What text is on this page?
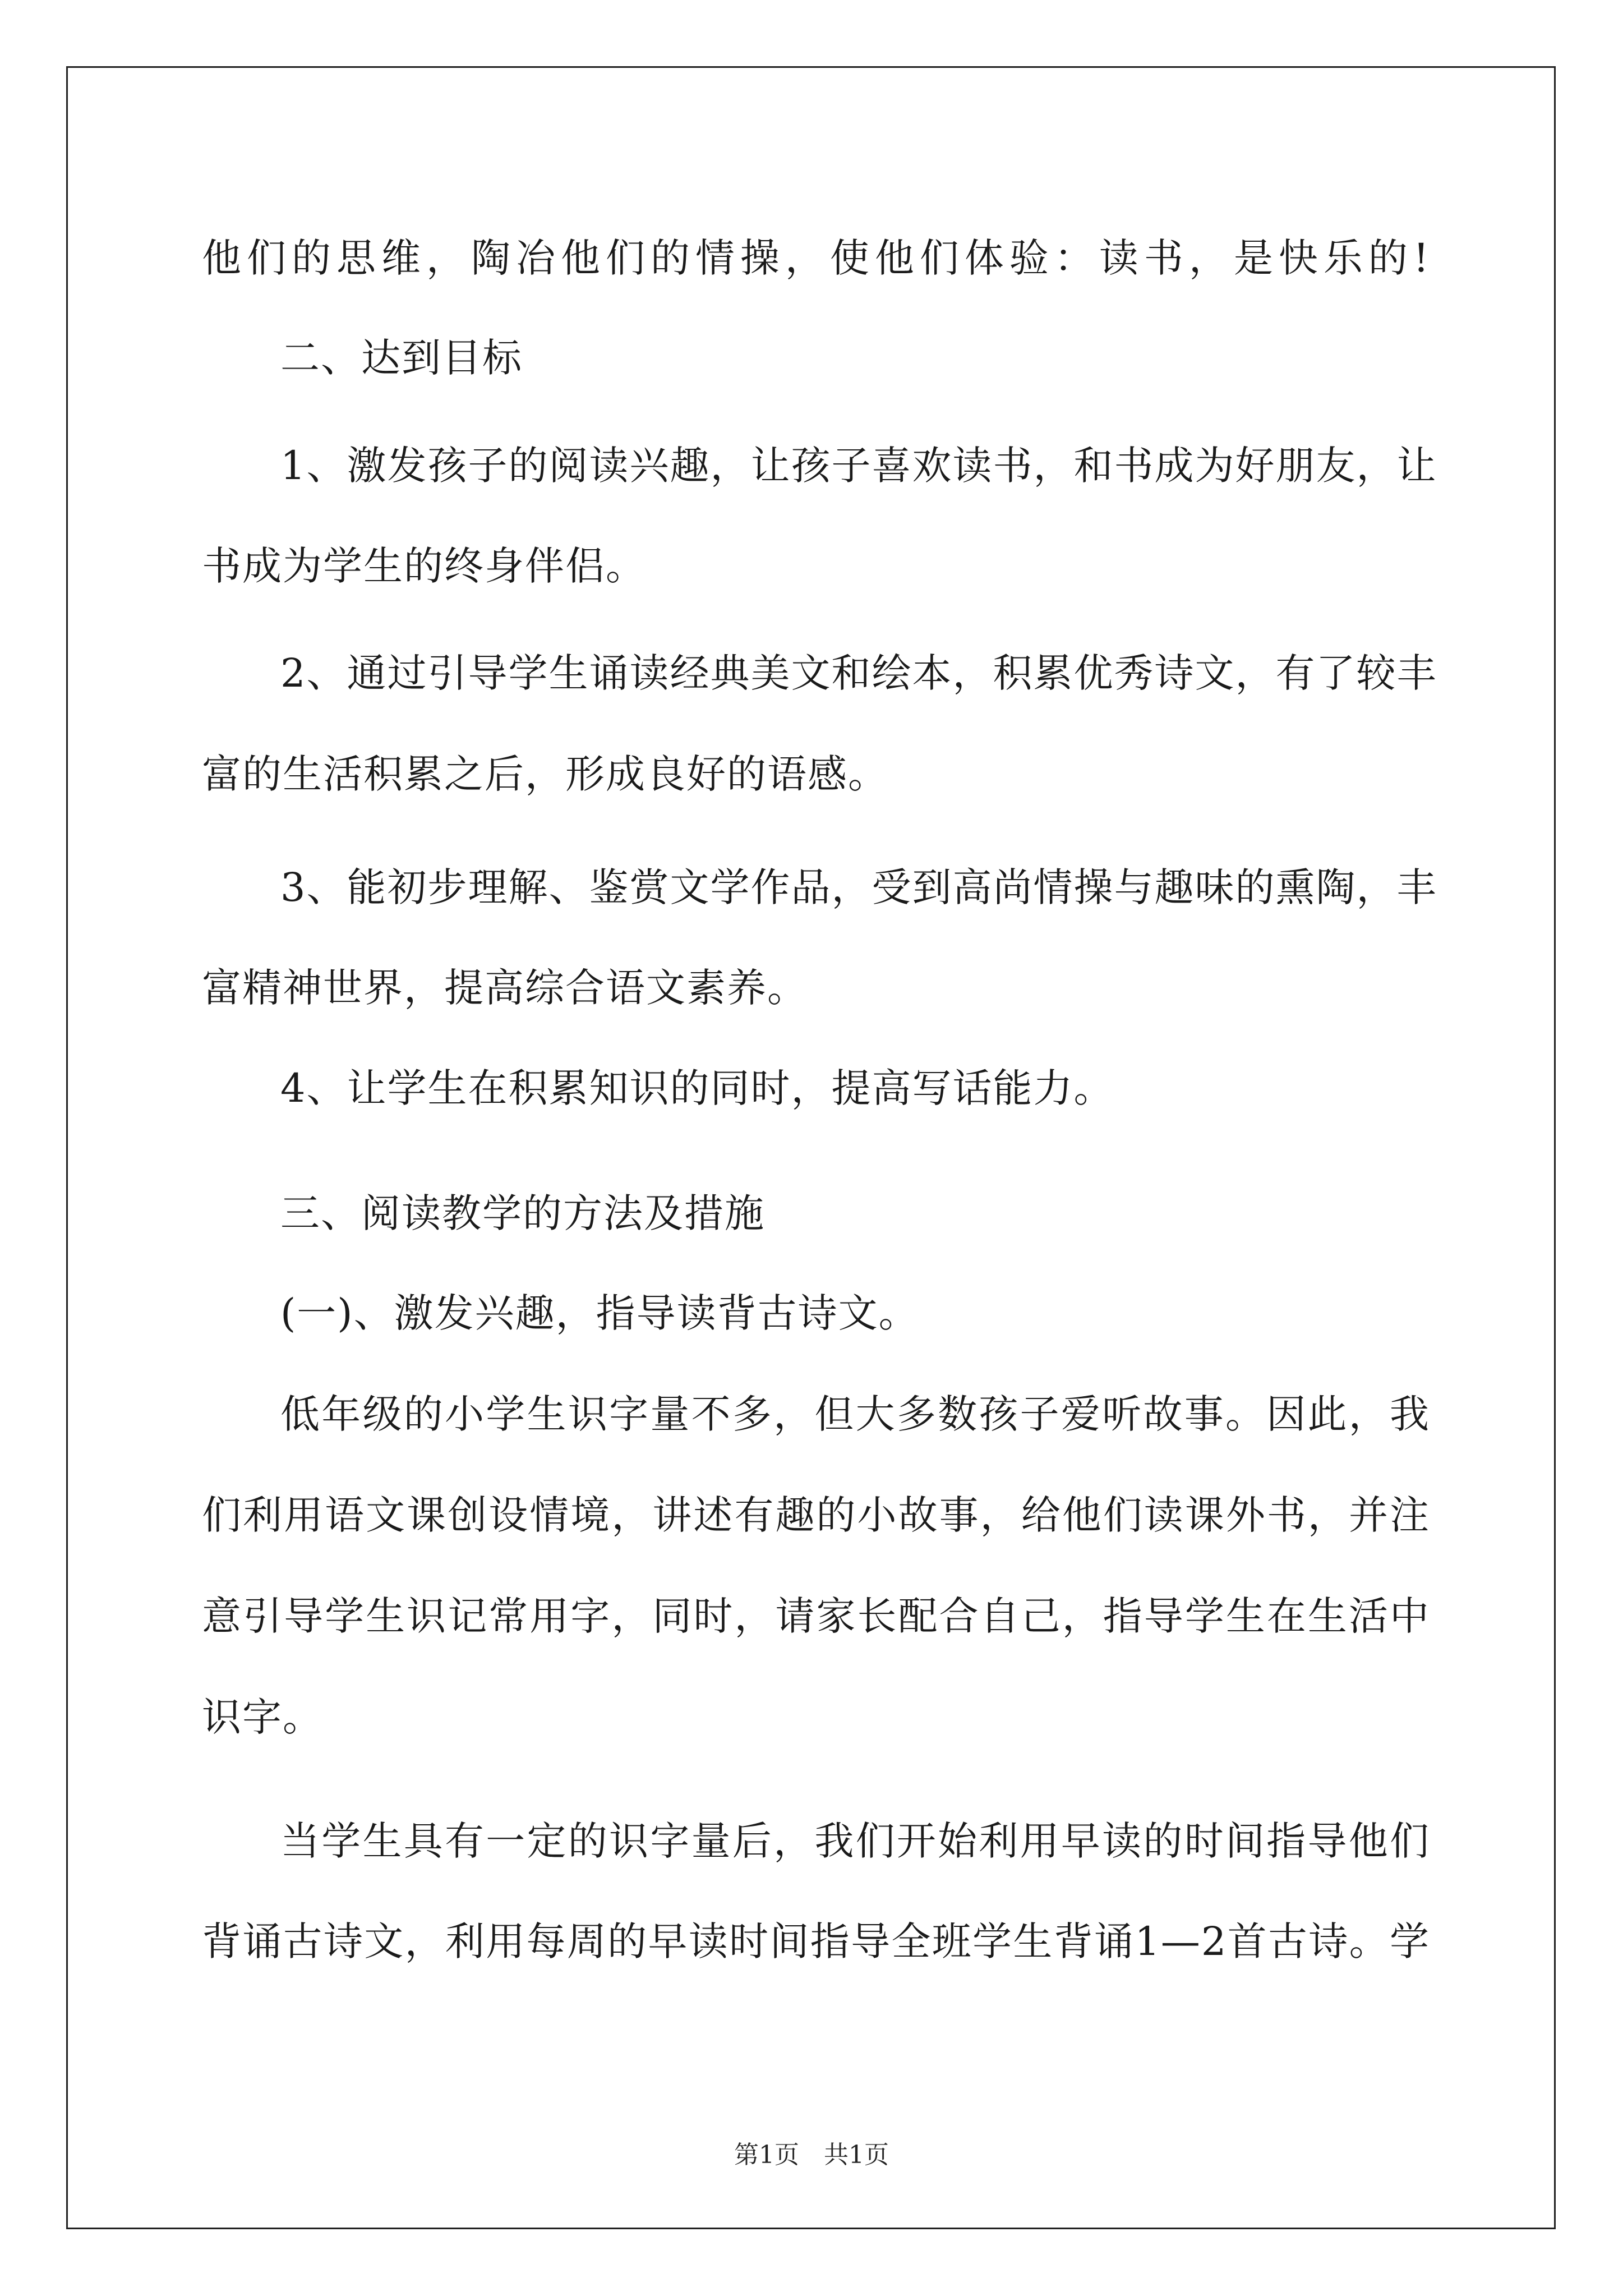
他们的思维，陶冶他们的情操，使他们体验：读书，是快乐的!
二、达到目标
1、激发孩子的阅读兴趣，让孩子喜欢读书，和书成为好朋友，让
书成为学生的终身伴侣。
2、通过引导学生诵读经典美文和绘本，积累优秀诗文，有了较丰
富的生活积累之后，形成良好的语感。
3、能初步理解、鉴赏文学作品，受到高尚情操与趣味的熏陶，丰
富精神世界，提高综合语文素养。
4、让学生在积累知识的同时，提高写话能力。
三、阅读教学的方法及措施
(一)、激发兴趣，指导读背古诗文。
低年级的小学生识字量不多，但大多数孩子爱听故事。因此，我
们利用语文课创设情境，讲述有趣的小故事，给他们读课外书，并注
意引导学生识记常用字，同时，请家长配合自己，指导学生在生活中
识字。
当学生具有一定的识字量后，我们开始利用早读的时间指导他们
背诵古诗文，利用每周的早读时间指导全班学生背诵1—2首古诗。学
第1页　共1页
